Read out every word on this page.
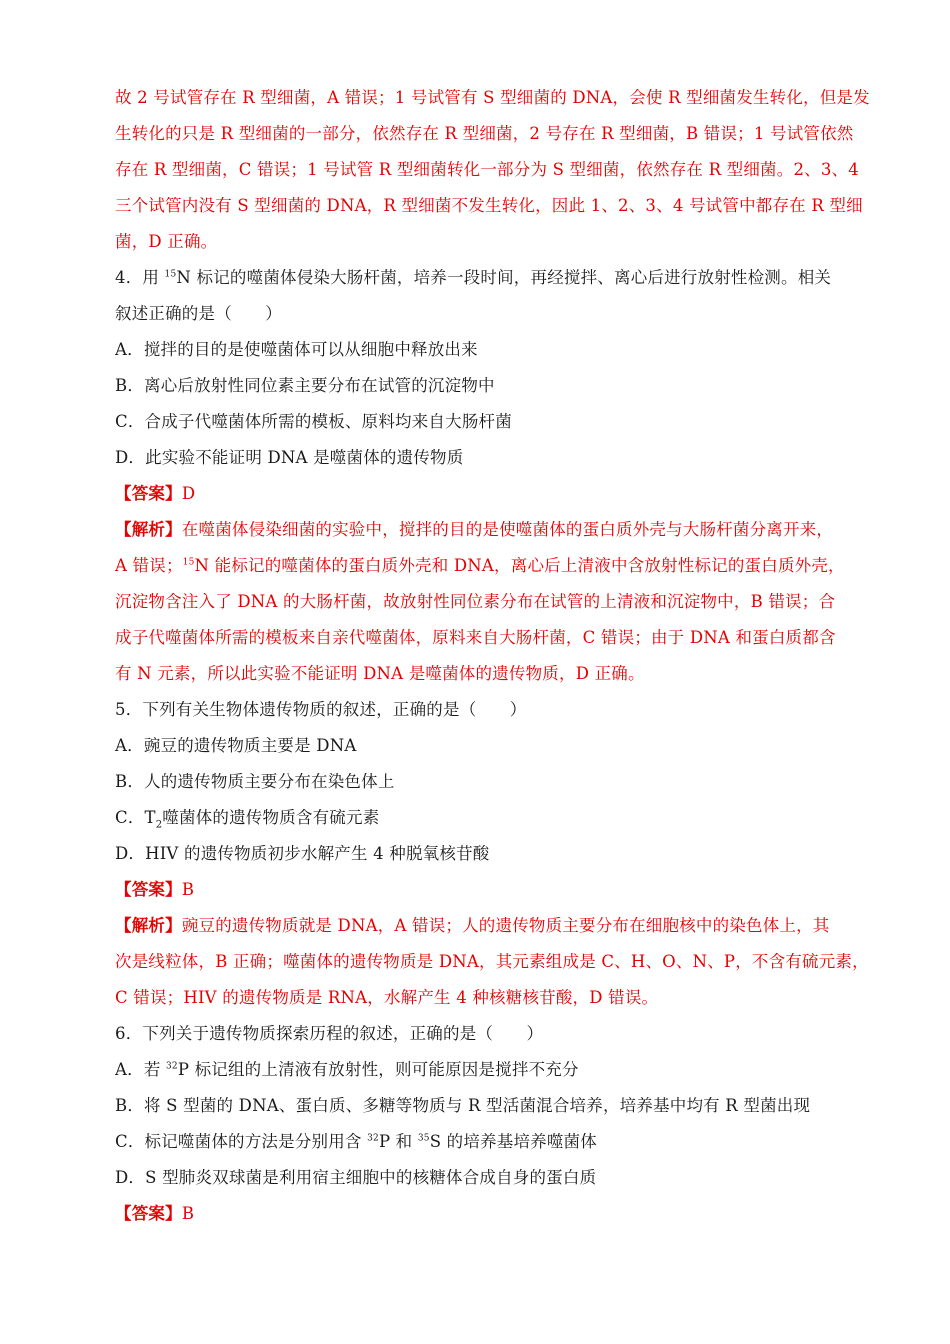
故 2 号试管存在 R 型细菌，A 错误；1 号试管有 S 型细菌的 DNA，会使 R 型细菌发生转化，但是发
生转化的只是 R 型细菌的一部分，依然存在 R 型细菌，2 号存在 R 型细菌，B 错误；1 号试管依然
存在 R 型细菌，C 错误；1 号试管 R 型细菌转化一部分为 S 型细菌，依然存在 R 型细菌。2、3、4
三个试管内没有 S 型细菌的 DNA，R 型细菌不发生转化，因此 1、2、3、4 号试管中都存在 R 型细
菌，D 正确。
4．用 $^{15}$N 标记的噬菌体侵染大肠杆菌，培养一段时间，再经搅拌、离心后进行放射性检测。相关
叙述正确的是（　　）
A．搅拌的目的是使噬菌体可以从细胞中释放出来
B．离心后放射性同位素主要分布在试管的沉淀物中
C．合成子代噬菌体所需的模板、原料均来自大肠杆菌
D．此实验不能证明 DNA 是噬菌体的遗传物质
【答案】D
【解析】在噬菌体侵染细菌的实验中，搅拌的目的是使噬菌体的蛋白质外壳与大肠杆菌分离开来，
A 错误；$^{15}$N 能标记的噬菌体的蛋白质外壳和 DNA，离心后上清液中含放射性标记的蛋白质外壳，
沉淀物含注入了 DNA 的大肠杆菌，故放射性同位素分布在试管的上清液和沉淀物中，B 错误；合
成子代噬菌体所需的模板来自亲代噬菌体，原料来自大肠杆菌，C 错误；由于 DNA 和蛋白质都含
有 N 元素，所以此实验不能证明 DNA 是噬菌体的遗传物质，D 正确。
5．下列有关生物体遗传物质的叙述，正确的是（　　）
A．豌豆的遗传物质主要是 DNA
B．人的遗传物质主要分布在染色体上
C．$T_2$噬菌体的遗传物质含有硫元素
D．HIV 的遗传物质初步水解产生 4 种脱氧核苷酸
【答案】B
【解析】豌豆的遗传物质就是 DNA，A 错误；人的遗传物质主要分布在细胞核中的染色体上，其
次是线粒体，B 正确；噬菌体的遗传物质是 DNA，其元素组成是 C、H、O、N、P，不含有硫元素，
C 错误；HIV 的遗传物质是 RNA，水解产生 4 种核糖核苷酸，D 错误。
6．下列关于遗传物质探索历程的叙述，正确的是（　　）
A．若 $^{32}$P 标记组的上清液有放射性，则可能原因是搅拌不充分
B．将 S 型菌的 DNA、蛋白质、多糖等物质与 R 型活菌混合培养，培养基中均有 R 型菌出现
C．标记噬菌体的方法是分别用含 $^{32}$P 和 $^{35}$S 的培养基培养噬菌体
D．S 型肺炎双球菌是利用宿主细胞中的核糖体合成自身的蛋白质
【答案】B
